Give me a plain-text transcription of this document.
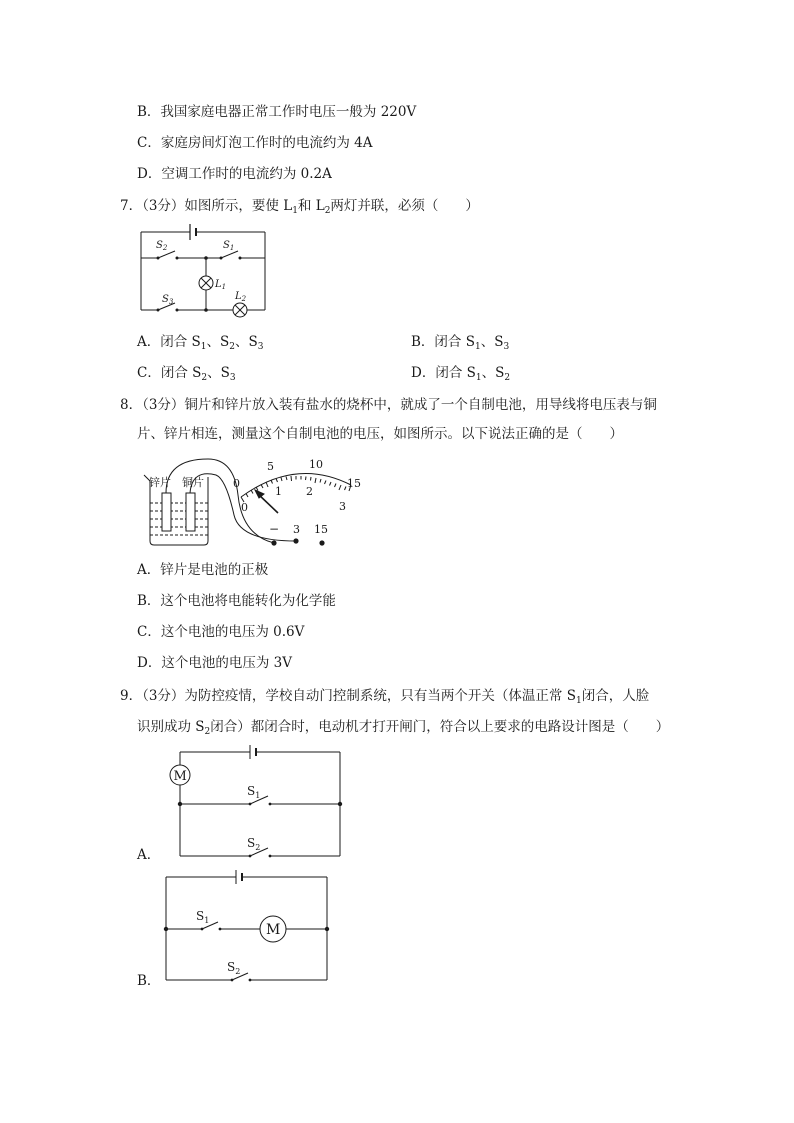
B．我国家庭电器正常工作时电压一般为 220V
C．家庭房间灯泡工作时的电流约为 4A
D．空调工作时的电流约为 0.2A
7．（3分）如图所示，要使 $L_1$和 $L_2$两灯并联，必须（　　）
$S_2$	$S_1$
$L_1$
$S_3$	$L_2$
A．闭合 $S_1$、$S_2$、$S_3$	B．闭合 $S_1$、$S_3$
C．闭合 $S_2$、$S_3$	D．闭合 $S_1$、$S_2$
8．（3分）铜片和锌片放入装有盐水的烧杯中，就成了一个自制电池，用导线将电压表与铜
片、锌片相连，测量这个自制电池的电压，如图所示。以下说法正确的是（　　）
锌片 铜片	0
5	10
15
0
1 2
3
− 3 15
A．锌片是电池的正极
B．这个电池将电能转化为化学能
C．这个电池的电压为 0.6V
D．这个电池的电压为 3V
9．（3分）为防控疫情，学校自动门控制系统，只有当两个开关（体温正常 $S_1$闭合，人脸
识别成功 $S_2$闭合）都闭合时，电动机才打开闸门，符合以上要求的电路设计图是（　　）
M
$S_1$
$S_2$
A．
M
$S_1$
$S_2$
B．
